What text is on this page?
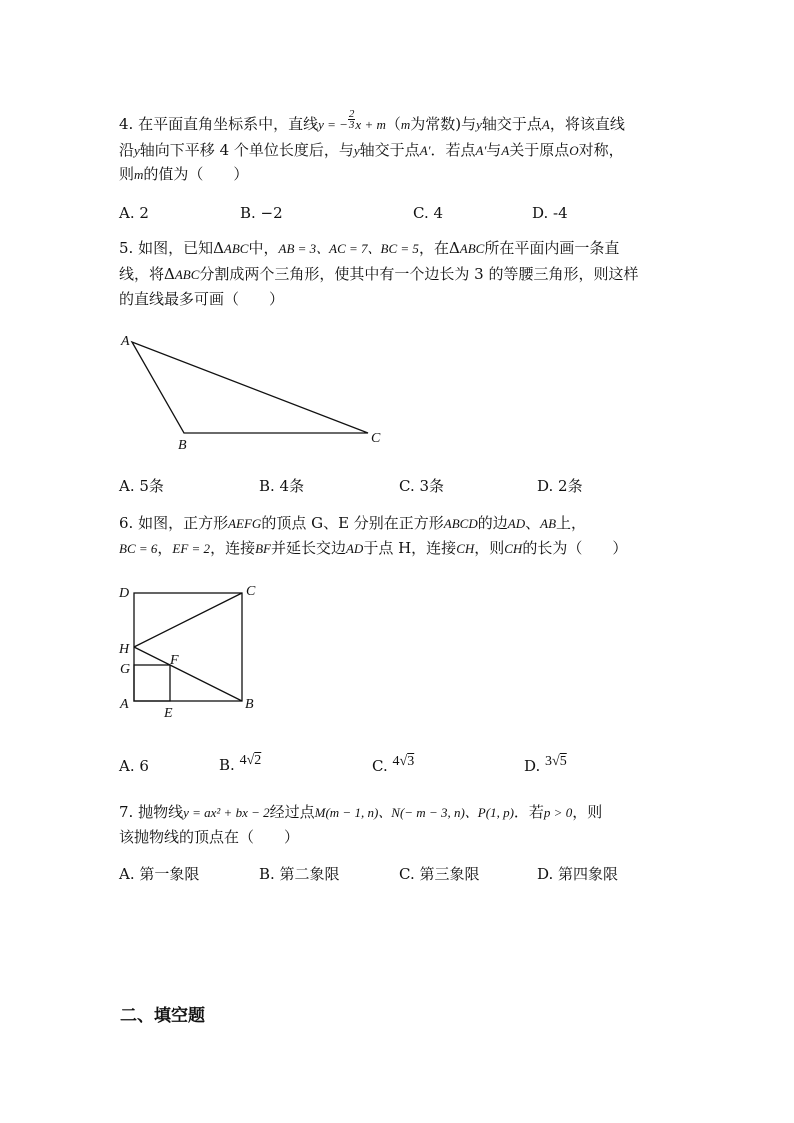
4. 在平面直角坐标系中，直线y = − $\frac{2}{3}$ x + m（m为常数)与y轴交于点A，将该直线
沿y轴向下平移 4 个单位长度后，与y轴交于点A′．若点A′与A关于原点O对称，
则m的值为（　　）
A. 2	B. −2	C. 4	D. -4
5. 如图，已知ΔABC中，AB = 3、AC = 7、BC = 5，在ΔABC所在平面内画一条直
线，将ΔABC分割成两个三角形，使其中有一个边长为 3 的等腰三角形，则这样
的直线最多可画（　　）
A
B	C
A. 5条	B. 4条	C. 3条	D. 2条
6. 如图，正方形AEFG的顶点 G、E 分别在正方形ABCD的边AD、AB上，
BC = 6，EF = 2，连接BF并延长交边AD于点 H，连接CH，则CH的长为（　　）
D	C
H
G
F
A
E
B
A. 6	B. 4√2	C. 4√3	D. 3√5
7. 抛物线y = ax² + bx − 2经过点M(m − 1, n)、N(− m − 3, n)、P(1, p)．若p > 0，则
该抛物线的顶点在（　　）
A. 第一象限	B. 第二象限	C. 第三象限	D. 第四象限
二、填空题
